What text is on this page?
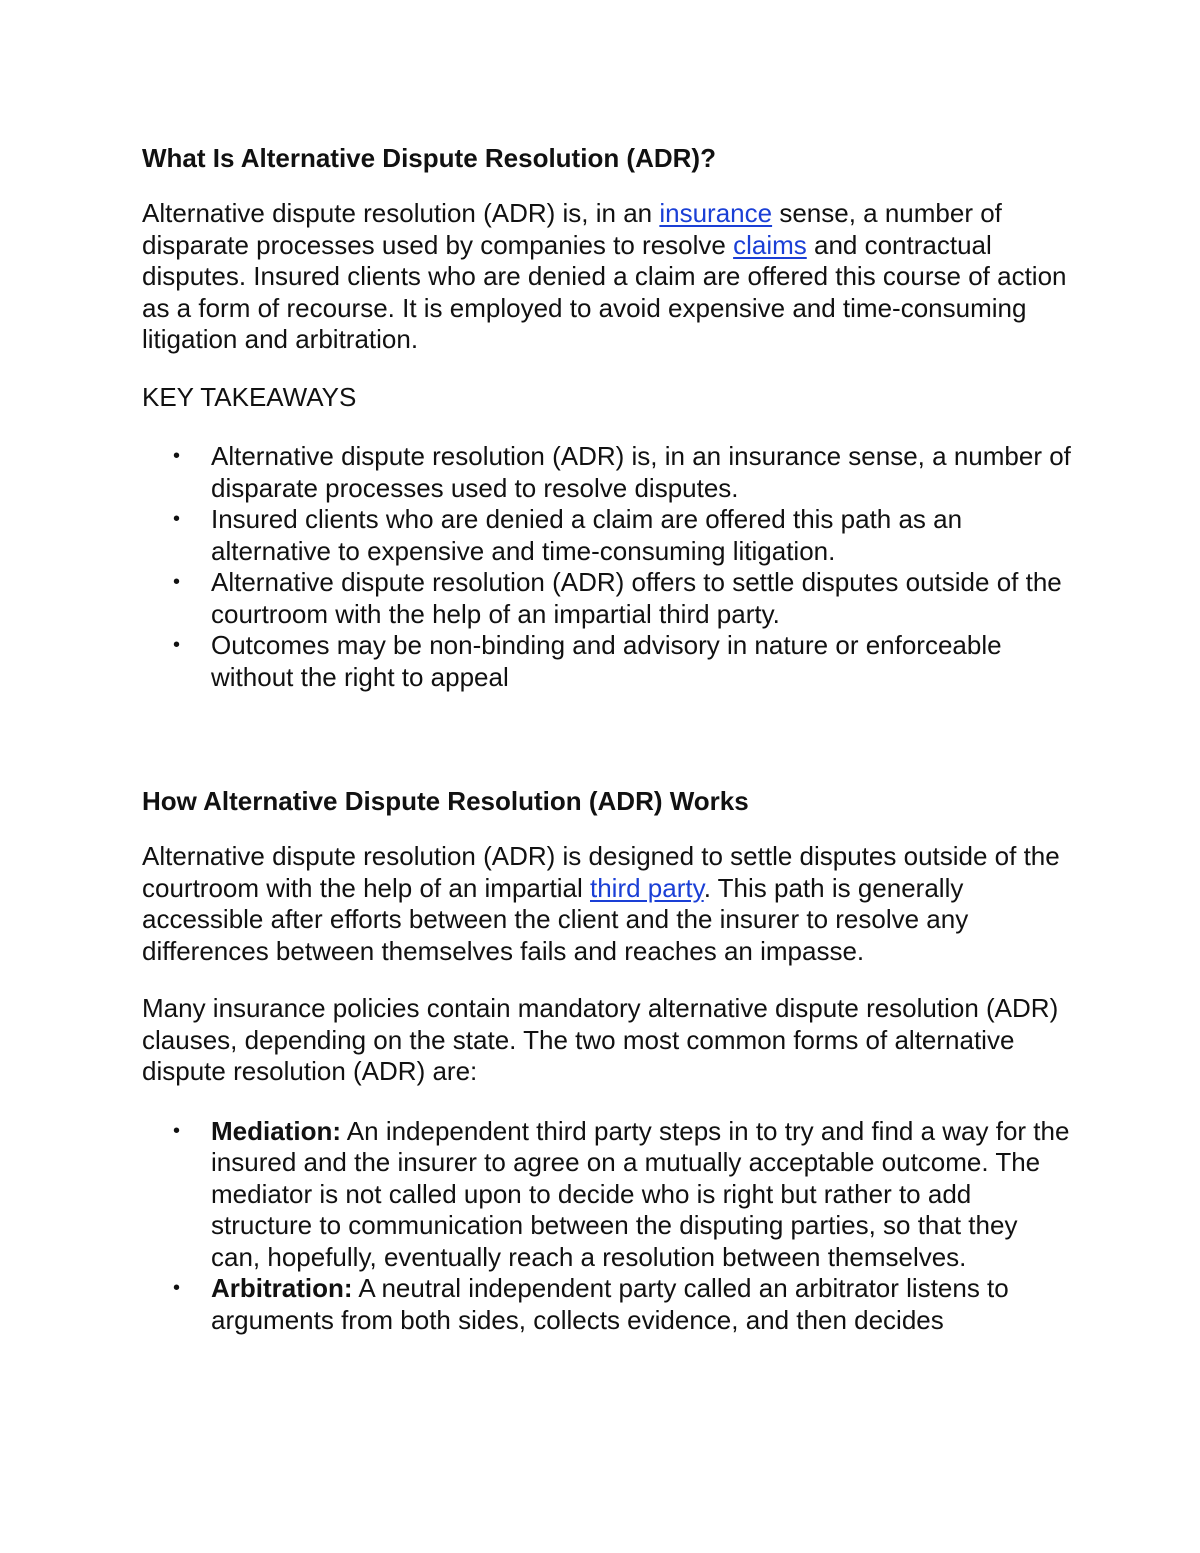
What Is Alternative Dispute Resolution (ADR)?

Alternative dispute resolution (ADR) is, in an insurance sense, a number of disparate processes used by companies to resolve claims and contractual disputes. Insured clients who are denied a claim are offered this course of action as a form of recourse. It is employed to avoid expensive and time-consuming litigation and arbitration.

KEY TAKEAWAYS

• Alternative dispute resolution (ADR) is, in an insurance sense, a number of disparate processes used to resolve disputes.
• Insured clients who are denied a claim are offered this path as an alternative to expensive and time-consuming litigation.
• Alternative dispute resolution (ADR) offers to settle disputes outside of the courtroom with the help of an impartial third party.
• Outcomes may be non-binding and advisory in nature or enforceable without the right to appeal
How Alternative Dispute Resolution (ADR) Works

Alternative dispute resolution (ADR) is designed to settle disputes outside of the courtroom with the help of an impartial third party. This path is generally accessible after efforts between the client and the insurer to resolve any differences between themselves fails and reaches an impasse.

Many insurance policies contain mandatory alternative dispute resolution (ADR) clauses, depending on the state. The two most common forms of alternative dispute resolution (ADR) are:

• Mediation: An independent third party steps in to try and find a way for the insured and the insurer to agree on a mutually acceptable outcome. The mediator is not called upon to decide who is right but rather to add structure to communication between the disputing parties, so that they can, hopefully, eventually reach a resolution between themselves.
• Arbitration: A neutral independent party called an arbitrator listens to arguments from both sides, collects evidence, and then decides
